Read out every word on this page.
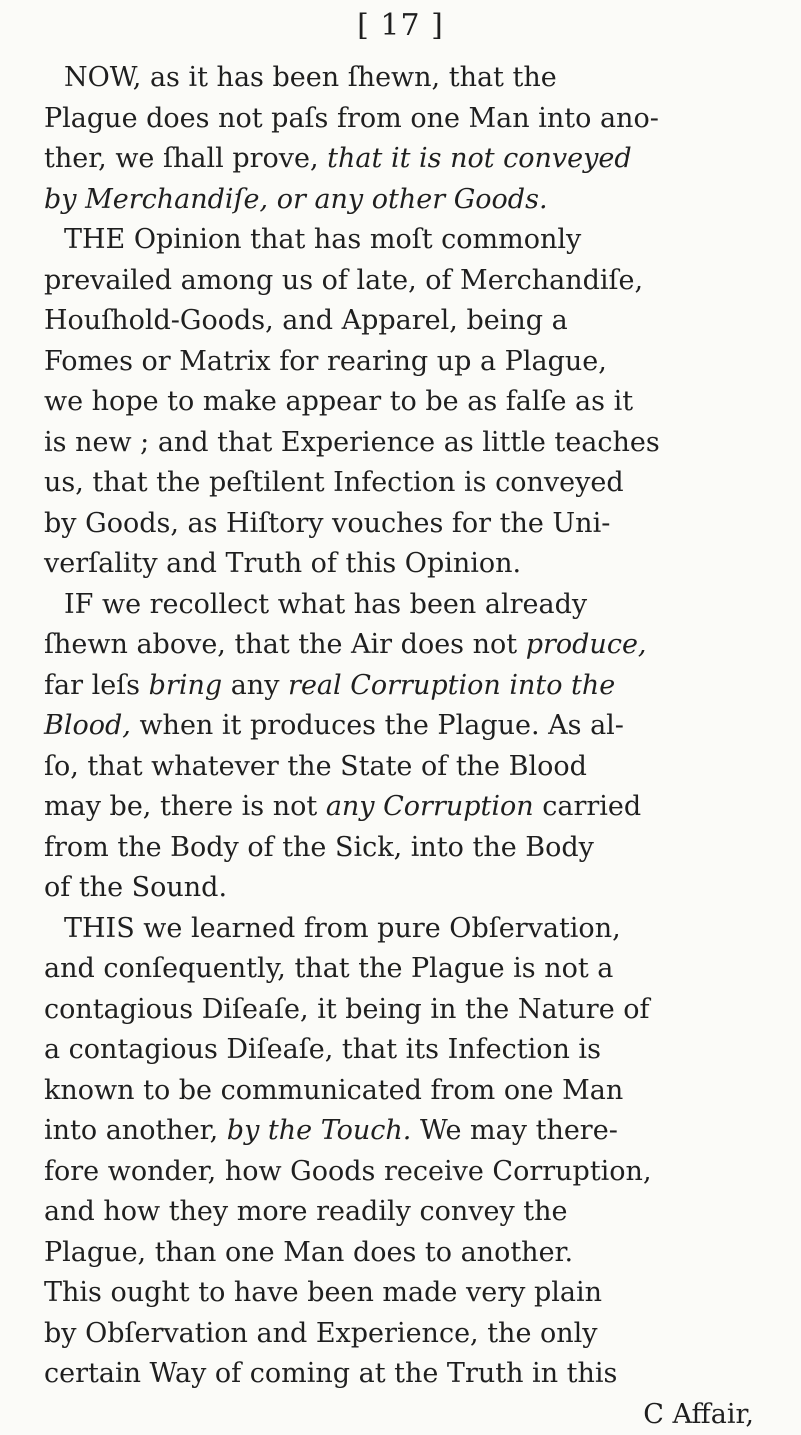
[ 17 ]
NOW, as it has been ſhewn, that the
Plague does not paſs from one Man into ano-
ther, we ſhall prove, that it is not conveyed
by Merchandiſe, or any other Goods.
THE Opinion that has moſt commonly
prevailed among us of late, of Merchandiſe,
Houſhold-Goods, and Apparel, being a
Fomes or Matrix for rearing up a Plague,
we hope to make appear to be as falſe as it
is new ; and that Experience as little teaches
us, that the peſtilent Infection is conveyed
by Goods, as Hiſtory vouches for the Uni-
verſality and Truth of this Opinion.
IF we recollect what has been already
ſhewn above, that the Air does not produce,
far leſs bring any real Corruption into the
Blood, when it produces the Plague. As al-
ſo, that whatever the State of the Blood
may be, there is not any Corruption carried
from the Body of the Sick, into the Body
of the Sound.
THIS we learned from pure Obſervation,
and conſequently, that the Plague is not a
contagious Diſeaſe, it being in the Nature of
a contagious Diſeaſe, that its Infection is
known to be communicated from one Man
into another, by the Touch. We may there-
fore wonder, how Goods receive Corruption,
and how they more readily convey the
Plague, than one Man does to another.
This ought to have been made very plain
by Obſervation and Experience, the only
certain Way of coming at the Truth in this
C Affair,
